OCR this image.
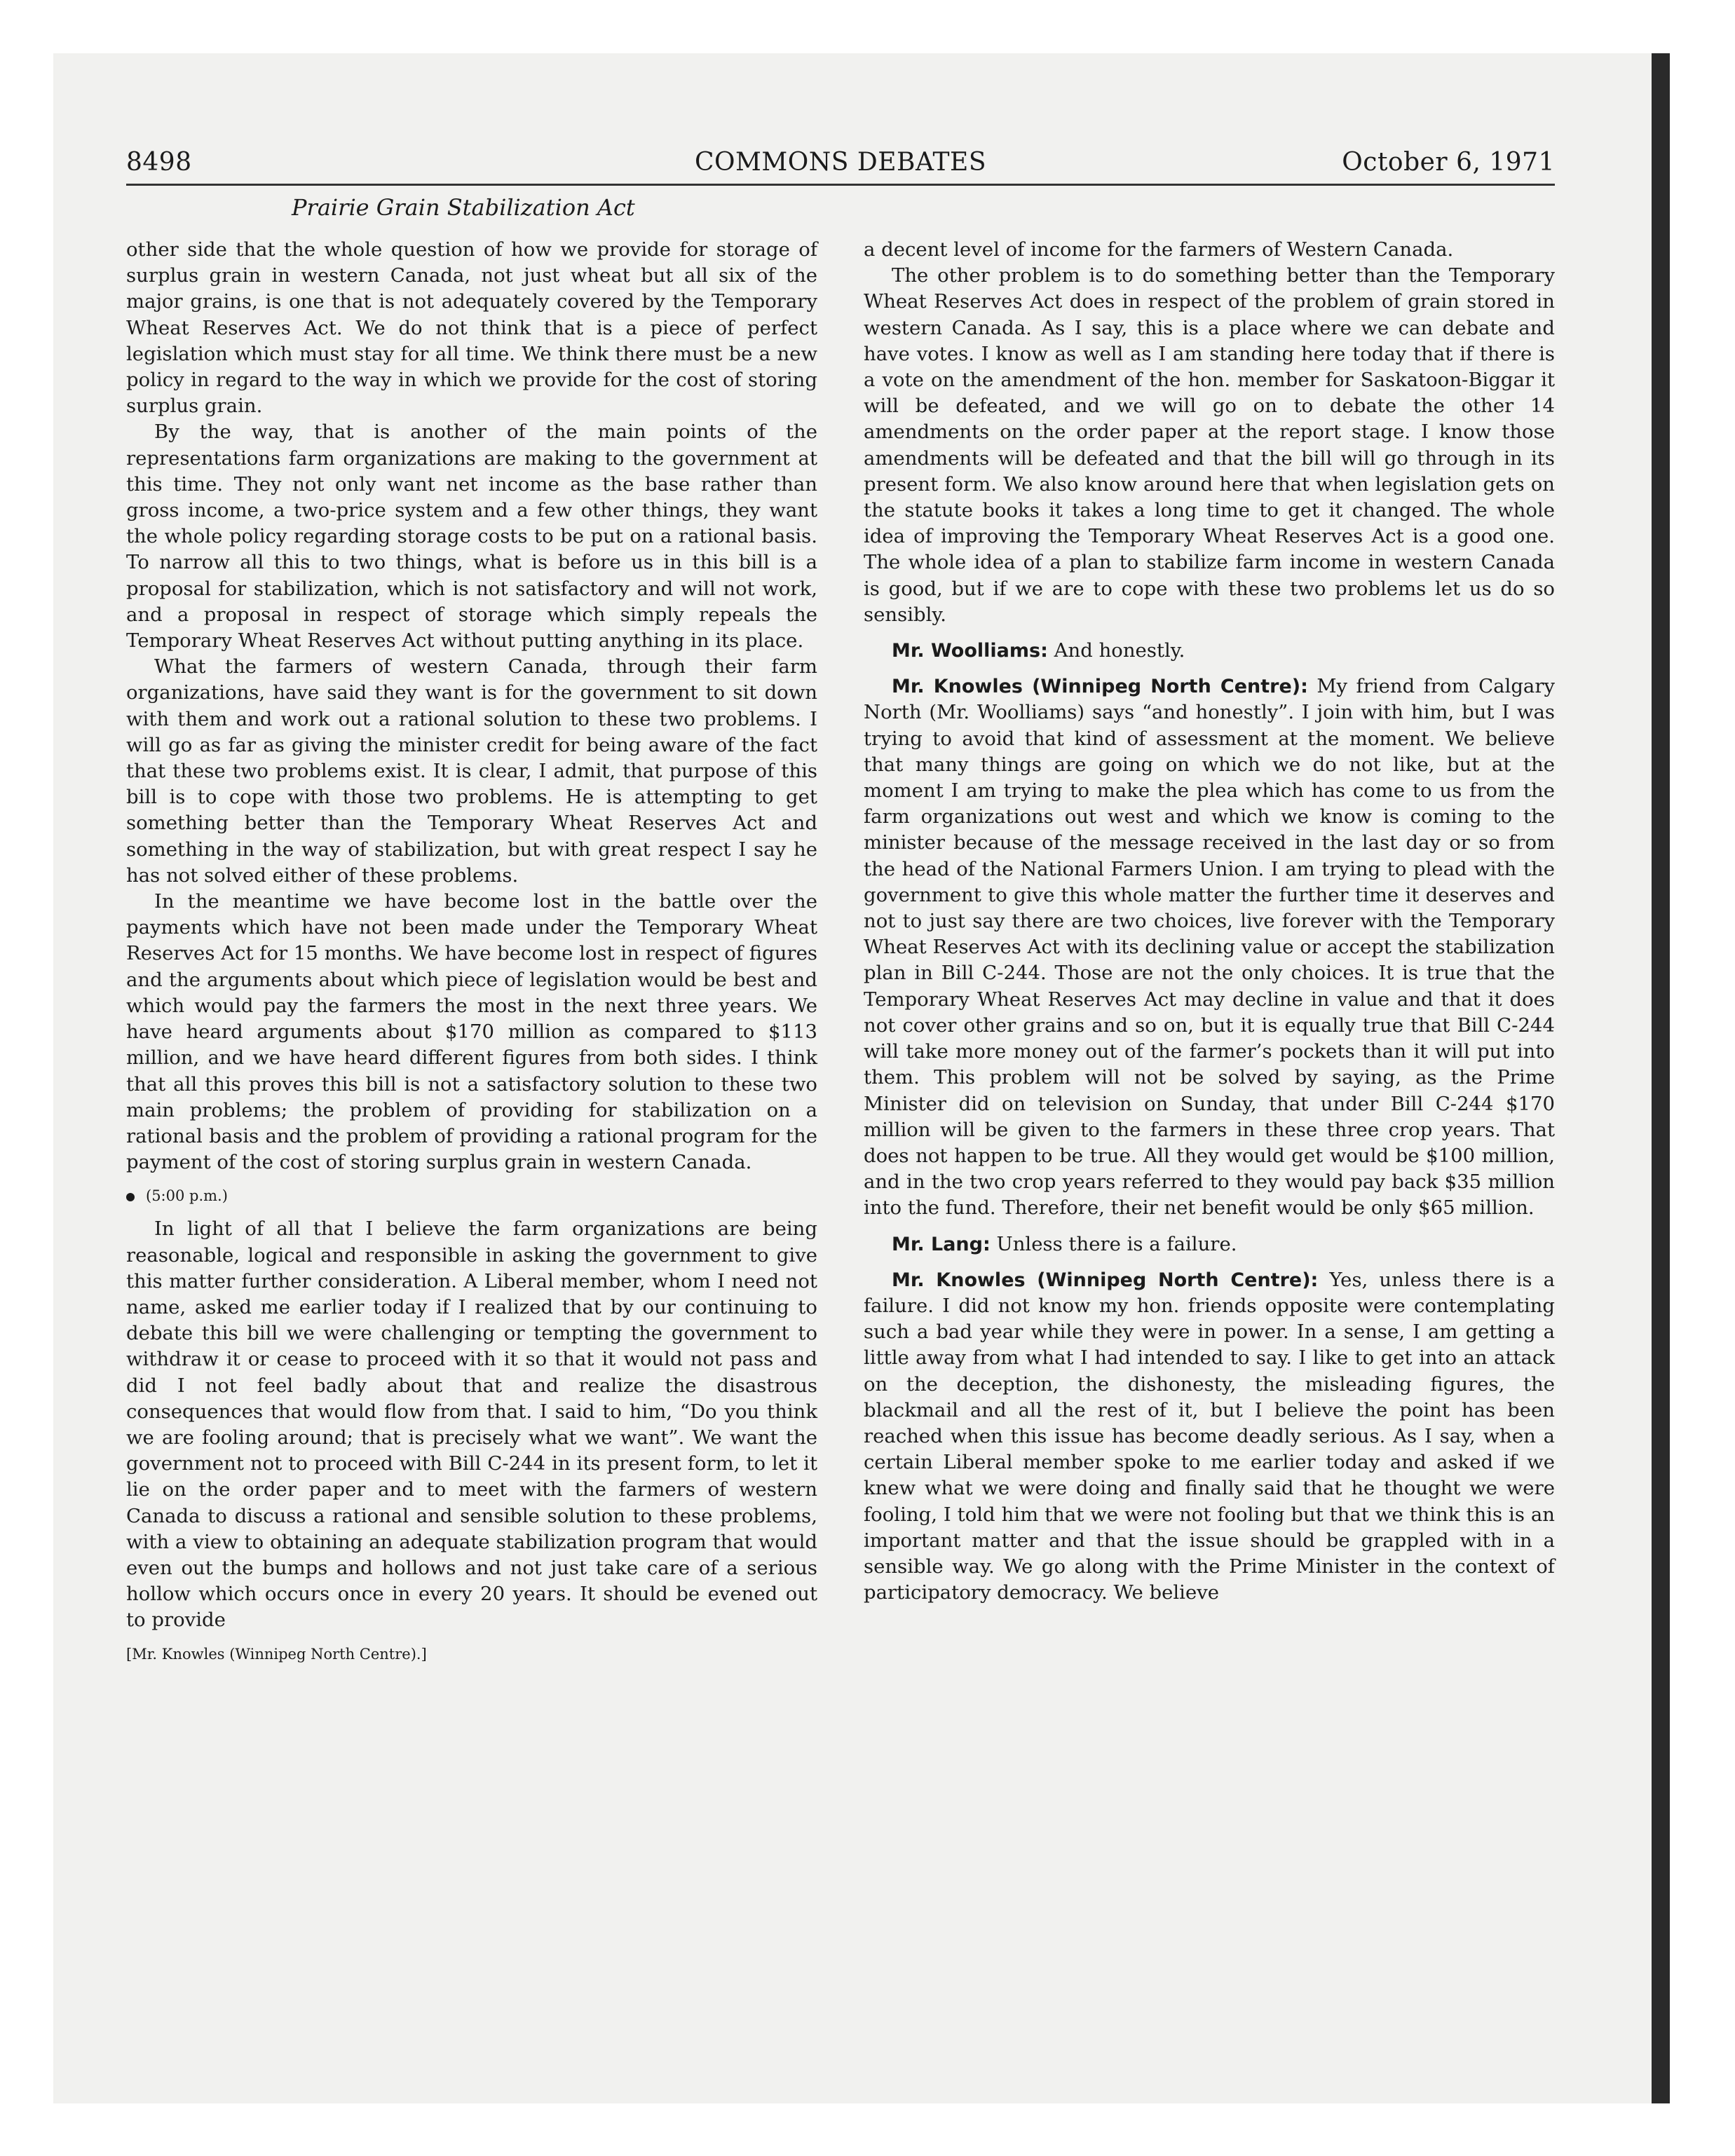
8498	COMMONS DEBATES	October 6, 1971
Prairie Grain Stabilization Act

other side that the whole question of how we provide for storage of surplus grain in western Canada, not just wheat but all six of the major grains, is one that is not adequately covered by the Temporary Wheat Reserves Act. We do not think that is a piece of perfect legislation which must stay for all time. We think there must be a new policy in regard to the way in which we provide for the cost of storing surplus grain.

By the way, that is another of the main points of the representations farm organizations are making to the government at this time. They not only want net income as the base rather than gross income, a two-price system and a few other things, they want the whole policy regarding storage costs to be put on a rational basis. To narrow all this to two things, what is before us in this bill is a proposal for stabilization, which is not satisfactory and will not work, and a proposal in respect of storage which simply repeals the Temporary Wheat Reserves Act without putting anything in its place.

What the farmers of western Canada, through their farm organizations, have said they want is for the government to sit down with them and work out a rational solution to these two problems. I will go as far as giving the minister credit for being aware of the fact that these two problems exist. It is clear, I admit, that purpose of this bill is to cope with those two problems. He is attempting to get something better than the Temporary Wheat Reserves Act and something in the way of stabilization, but with great respect I say he has not solved either of these problems.

In the meantime we have become lost in the battle over the payments which have not been made under the Temporary Wheat Reserves Act for 15 months. We have become lost in respect of figures and the arguments about which piece of legislation would be best and which would pay the farmers the most in the next three years. We have heard arguments about $170 million as compared to $113 million, and we have heard different figures from both sides. I think that all this proves this bill is not a satisfactory solution to these two main problems; the problem of providing for stabilization on a rational basis and the problem of providing a rational program for the payment of the cost of storing surplus grain in western Canada.

(5:00 p.m.)

In light of all that I believe the farm organizations are being reasonable, logical and responsible in asking the government to give this matter further consideration. A Liberal member, whom I need not name, asked me earlier today if I realized that by our continuing to debate this bill we were challenging or tempting the government to withdraw it or cease to proceed with it so that it would not pass and did I not feel badly about that and realize the disastrous consequences that would flow from that. I said to him, “Do you think we are fooling around; that is precisely what we want”. We want the government not to proceed with Bill C-244 in its present form, to let it lie on the order paper and to meet with the farmers of western Canada to discuss a rational and sensible solution to these problems, with a view to obtaining an adequate stabilization program that would even out the bumps and hollows and not just take care of a serious hollow which occurs once in every 20 years. It should be evened out to provide

[Mr. Knowles (Winnipeg North Centre).]

a decent level of income for the farmers of Western Canada.

The other problem is to do something better than the Temporary Wheat Reserves Act does in respect of the problem of grain stored in western Canada. As I say, this is a place where we can debate and have votes. I know as well as I am standing here today that if there is a vote on the amendment of the hon. member for Saskatoon-Biggar it will be defeated, and we will go on to debate the other 14 amendments on the order paper at the report stage. I know those amendments will be defeated and that the bill will go through in its present form. We also know around here that when legislation gets on the statute books it takes a long time to get it changed. The whole idea of improving the Temporary Wheat Reserves Act is a good one. The whole idea of a plan to stabilize farm income in western Canada is good, but if we are to cope with these two problems let us do so sensibly.

Mr. Woolliams: And honestly.

Mr. Knowles (Winnipeg North Centre): My friend from Calgary North (Mr. Woolliams) says “and honestly”. I join with him, but I was trying to avoid that kind of assessment at the moment. We believe that many things are going on which we do not like, but at the moment I am trying to make the plea which has come to us from the farm organizations out west and which we know is coming to the minister because of the message received in the last day or so from the head of the National Farmers Union. I am trying to plead with the government to give this whole matter the further time it deserves and not to just say there are two choices, live forever with the Temporary Wheat Reserves Act with its declining value or accept the stabilization plan in Bill C-244. Those are not the only choices. It is true that the Temporary Wheat Reserves Act may decline in value and that it does not cover other grains and so on, but it is equally true that Bill C-244 will take more money out of the farmer’s pockets than it will put into them. This problem will not be solved by saying, as the Prime Minister did on television on Sunday, that under Bill C-244 $170 million will be given to the farmers in these three crop years. That does not happen to be true. All they would get would be $100 million, and in the two crop years referred to they would pay back $35 million into the fund. Therefore, their net benefit would be only $65 million.

Mr. Lang: Unless there is a failure.

Mr. Knowles (Winnipeg North Centre): Yes, unless there is a failure. I did not know my hon. friends opposite were contemplating such a bad year while they were in power. In a sense, I am getting a little away from what I had intended to say. I like to get into an attack on the deception, the dishonesty, the misleading figures, the blackmail and all the rest of it, but I believe the point has been reached when this issue has become deadly serious. As I say, when a certain Liberal member spoke to me earlier today and asked if we knew what we were doing and finally said that he thought we were fooling, I told him that we were not fooling but that we think this is an important matter and that the issue should be grappled with in a sensible way. We go along with the Prime Minister in the context of participatory democracy. We believe
